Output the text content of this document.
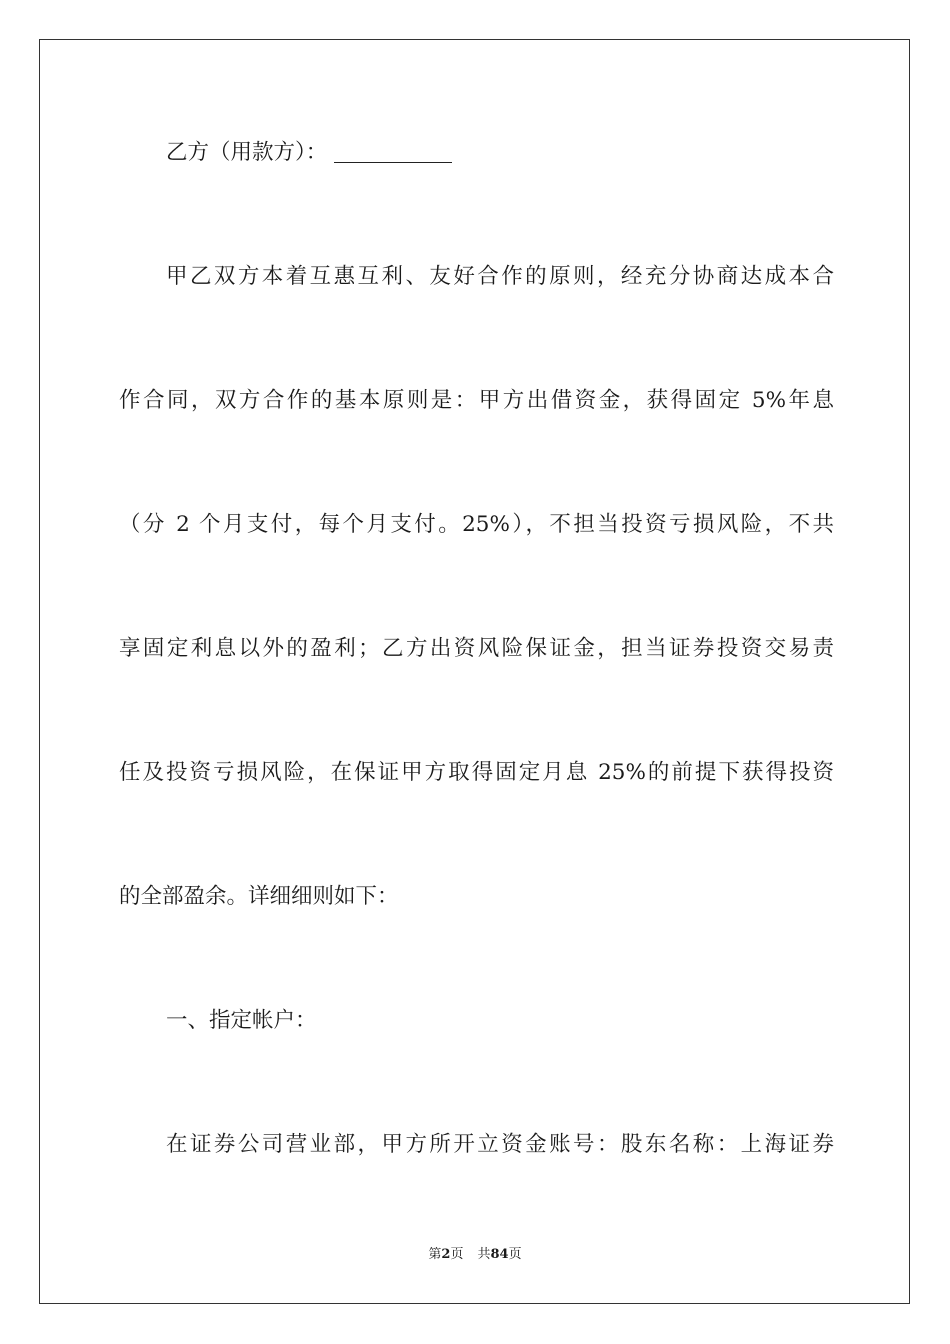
乙方（用款方）：
甲乙双方本着互惠互利、友好合作的原则，经充分协商达成本合
作合同，双方合作的基本原则是：甲方出借资金，获得固定 5%年息
（分 2 个月支付，每个月支付。25%），不担当投资亏损风险，不共
享固定利息以外的盈利；乙方出资风险保证金，担当证券投资交易责
任及投资亏损风险，在保证甲方取得固定月息 25%的前提下获得投资
的全部盈余。详细细则如下：
一、指定帐户：
在证券公司营业部，甲方所开立资金账号：股东名称：上海证券
第2页 共84页
